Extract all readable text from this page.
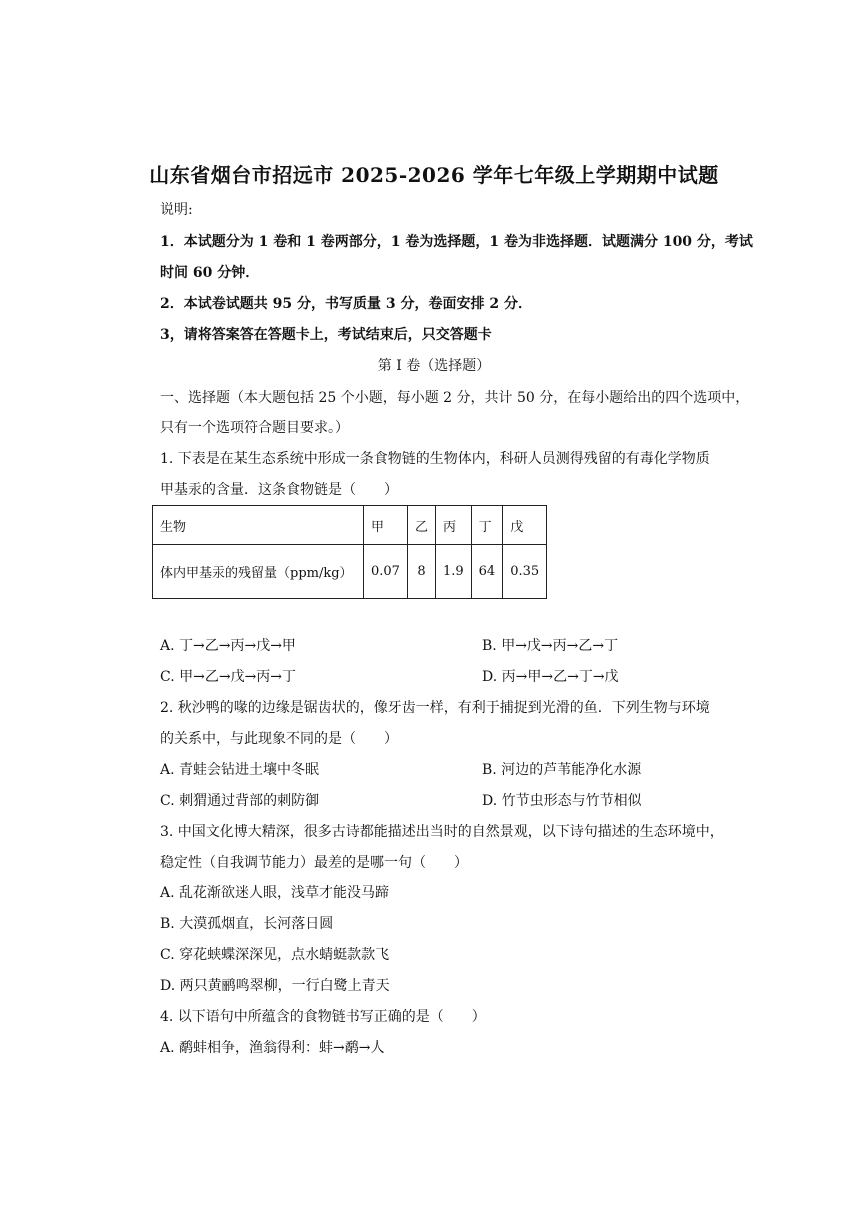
山东省烟台市招远市 2025-2026 学年七年级上学期期中试题
说明:
1．本试题分为 1 卷和 1 卷两部分，1 卷为选择题，1 卷为非选择题．试题满分 100 分，考试
时间 60 分钟．
2．本试卷试题共 95 分，书写质量 3 分，卷面安排 2 分．
3，请将答案答在答题卡上，考试结束后，只交答题卡
第 Ⅰ 卷（选择题）
一、选择题（本大题包括 25 个小题，每小题 2 分，共计 50 分，在每小题给出的四个选项中，
只有一个选项符合题目要求。）
1. 下表是在某生态系统中形成一条食物链的生物体内，科研人员测得残留的有毒化学物质
甲基汞的含量．这条食物链是（　　）
生物	甲	乙	丙	丁	戊
体内甲基汞的残留量（ppm/kg）	0.07	8	1.9	64	0.35
A. 丁→乙→丙→戊→甲	B. 甲→戊→丙→乙→丁
C. 甲→乙→戊→丙→丁	D. 丙→甲→乙→丁→戊
2. 秋沙鸭的喙的边缘是锯齿状的，像牙齿一样，有利于捕捉到光滑的鱼．下列生物与环境
的关系中，与此现象不同的是（　　）
A. 青蛙会钻进土壤中冬眠	B. 河边的芦苇能净化水源
C. 刺猬通过背部的刺防御	D. 竹节虫形态与竹节相似
3. 中国文化博大精深，很多古诗都能描述出当时的自然景观，以下诗句描述的生态环境中，
稳定性（自我调节能力）最差的是哪一句（　　）
A. 乱花渐欲迷人眼，浅草才能没马蹄
B. 大漠孤烟直，长河落日圆
C. 穿花蛱蝶深深见，点水蜻蜓款款飞
D. 两只黄鹂鸣翠柳，一行白鹭上青天
4. 以下语句中所蕴含的食物链书写正确的是（　　）
A. 鹬蚌相争，渔翁得利：蚌→鹬→人
